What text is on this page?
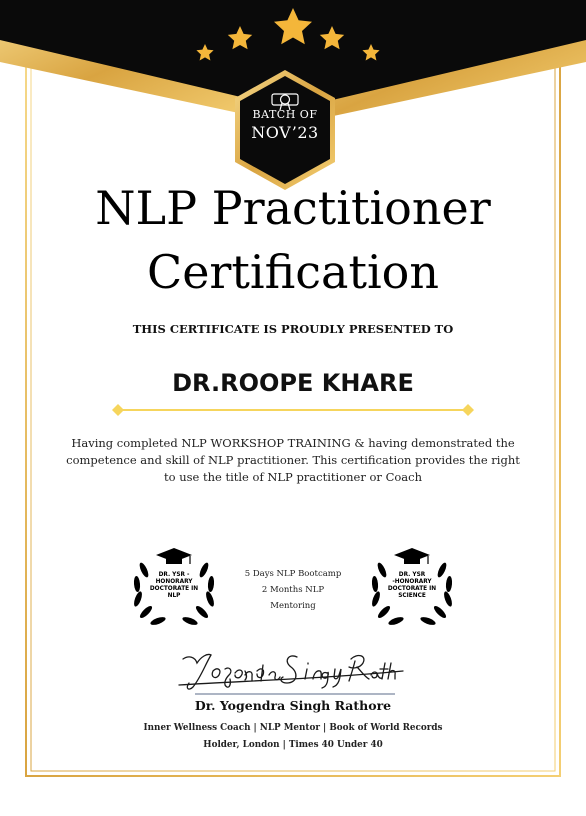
BATCH OF
NOV’23
NLP Practitioner
Certification
THIS CERTIFICATE IS PROUDLY PRESENTED TO
DR.ROOPE KHARE
Having completed NLP WORKSHOP TRAINING & having demonstrated the competence and skill of NLP practitioner. This certification provides the right to use the title of NLP practitioner or Coach
DR. YSR -
HONORARY
DOCTORATE IN
NLP
5 Days NLP Bootcamp
2 Months NLP
Mentoring
DR. YSR
-HONORARY
DOCTORATE IN
SCIENCE
Dr. Yogendra Singh Rathore
Inner Wellness Coach | NLP Mentor | Book of World Records
Holder, London | Times 40 Under 40
